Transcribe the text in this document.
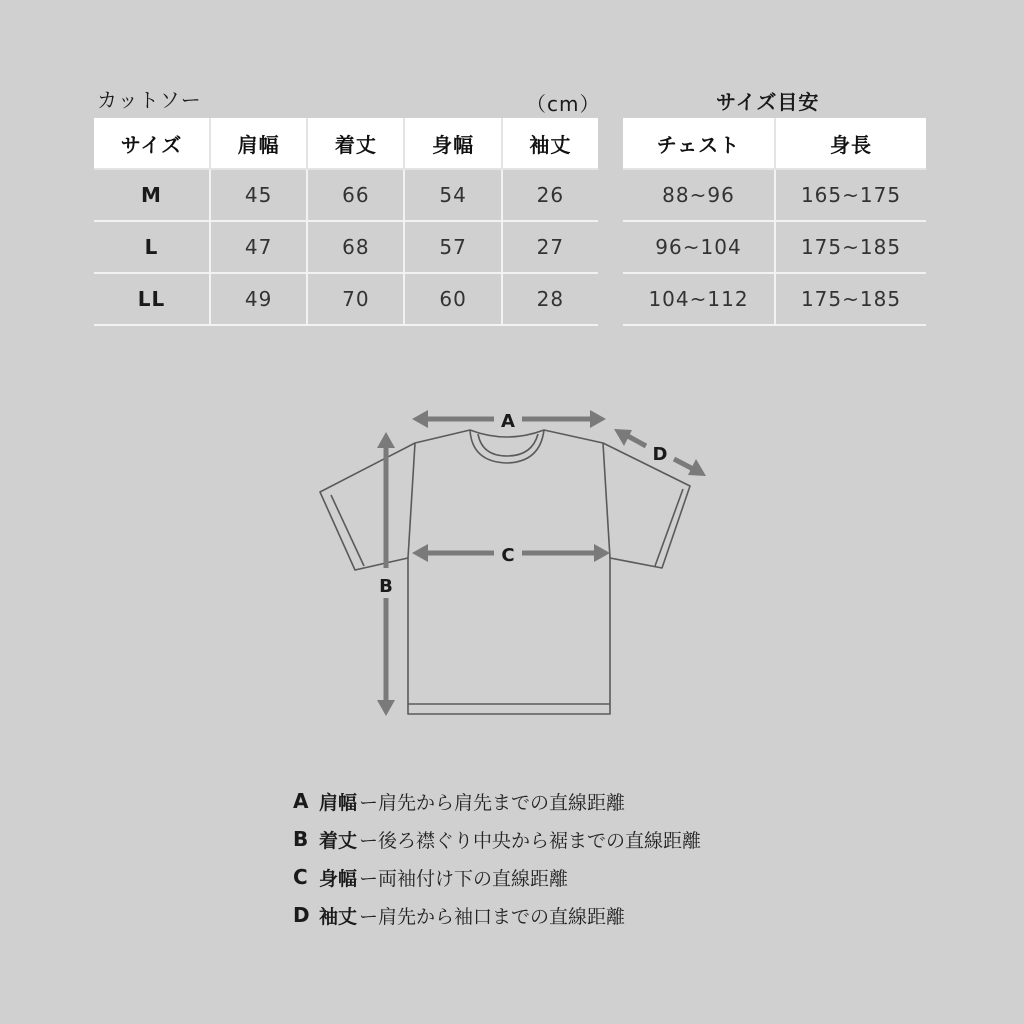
カットソー	（cm）	サイズ目安
サイズ	肩幅	着丈	身幅	袖丈
M	45	66	54	26
L	47	68	57	27
LL	49	70	60	28
チェスト	身長
88~96	165~175
96~104	175~185
104~112	175~185
A
B
C
D
A 肩幅 ー肩先から肩先までの直線距離
B 着丈 ー後ろ襟ぐり中央から裾までの直線距離
C 身幅 ー両袖付け下の直線距離
D 袖丈 ー肩先から袖口までの直線距離
